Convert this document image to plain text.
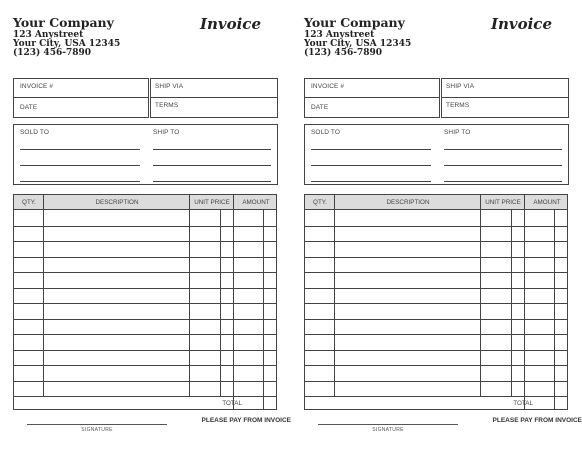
Your Company
123 Anystreet
Your City, USA 12345
(123) 456-7890
Invoice
INVOICE #	SHIP VIA
DATE	TERMS
SOLD TO	SHIP TO
QTY.	DESCRIPTION	UNIT PRICE	AMOUNT
TOTAL
SIGNATURE
PLEASE PAY FROM INVOICE
Your Company
123 Anystreet
Your City, USA 12345
(123) 456-7890
Invoice
INVOICE #	SHIP VIA
DATE	TERMS
SOLD TO	SHIP TO
QTY.	DESCRIPTION	UNIT PRICE	AMOUNT
TOTAL
SIGNATURE
PLEASE PAY FROM INVOICE
